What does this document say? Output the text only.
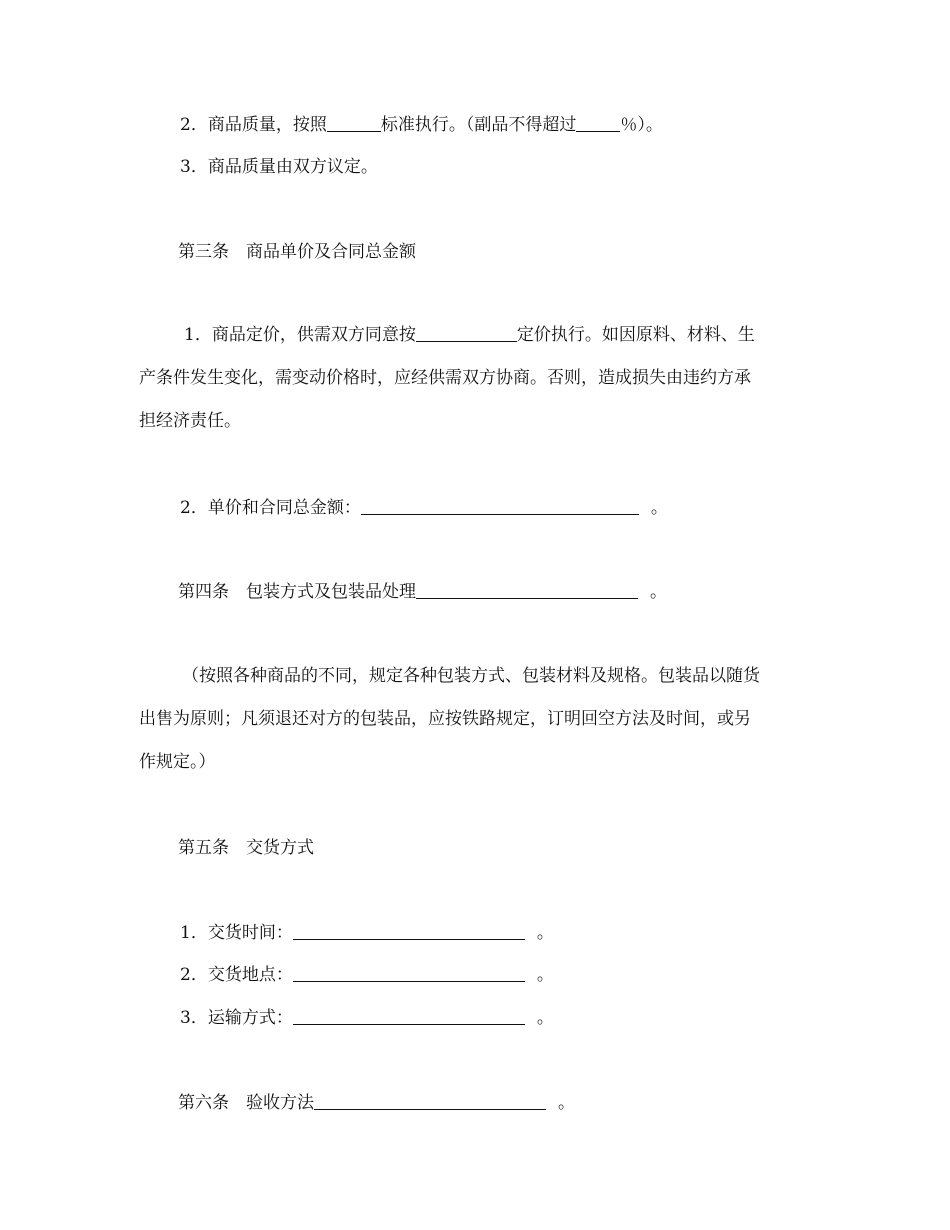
2．商品质量，按照	标准执行。（副品不得超过	％）。
3．商品质量由双方议定。
第三条　商品单价及合同总金额

1．商品定价，供需双方同意按	定价执行。如因原料、材料、生

产条件发生变化，需变动价格时，应经供需双方协商。否则，造成损失由违约方承

担经济责任。

2．单价和合同总金额：	。
第四条　包装方式及包装品处理	。

（按照各种商品的不同，规定各种包装方式、包装材料及规格。包装品以随货

出售为原则；凡须退还对方的包装品，应按铁路规定，订明回空方法及时间，或另

作规定。）

第五条　交货方式
1．交货时间：	。
2．交货地点：	。
3．运输方式：	。
第六条　验收方法	。
